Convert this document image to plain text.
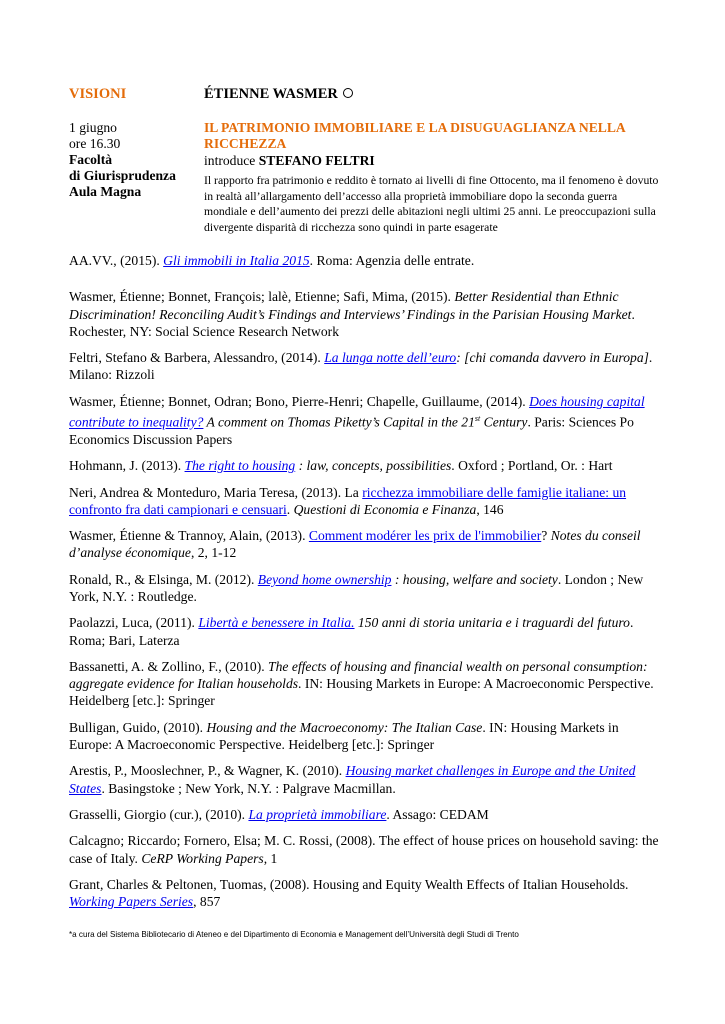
VISIONI	ÉTIENNE WASMER
1 giugno
ore 16.30
Facoltà
di Giurisprudenza
Aula Magna
IL PATRIMONIO IMMOBILIARE E LA DISUGUAGLIANZA NELLA RICCHEZZA
introduce STEFANO FELTRI
Il rapporto fra patrimonio e reddito è tornato ai livelli di fine Ottocento, ma il fenomeno è dovuto in realtà all’allargamento dell’accesso alla proprietà immobiliare dopo la seconda guerra mondiale e dell’aumento dei prezzi delle abitazioni negli ultimi 25 anni. Le preoccupazioni sulla divergente disparità di ricchezza sono quindi in parte esagerate

AA.VV., (2015). Gli immobili in Italia 2015. Roma: Agenzia delle entrate.

Wasmer, Étienne; Bonnet, François; lalè, Etienne; Safi, Mima, (2015). Better Residential than Ethnic Discrimination! Reconciling Audit’s Findings and Interviews’ Findings in the Parisian Housing Market. Rochester, NY: Social Science Research Network

Feltri, Stefano & Barbera, Alessandro, (2014). La lunga notte dell’euro: [chi comanda davvero in Europa]. Milano: Rizzoli

Wasmer, Étienne; Bonnet, Odran; Bono, Pierre-Henri; Chapelle, Guillaume, (2014). Does housing capital contribute to inequality? A comment on Thomas Piketty’s Capital in the 21st Century. Paris: Sciences Po Economics Discussion Papers

Hohmann, J. (2013). The right to housing : law, concepts, possibilities. Oxford ; Portland, Or. : Hart

Neri, Andrea & Monteduro, Maria Teresa, (2013). La ricchezza immobiliare delle famiglie italiane: un confronto fra dati campionari e censuari. Questioni di Economia e Finanza, 146

Wasmer, Étienne & Trannoy, Alain, (2013). Comment modérer les prix de l'immobilier? Notes du conseil d’analyse économique, 2, 1-12

Ronald, R., & Elsinga, M. (2012). Beyond home ownership : housing, welfare and society. London ; New York, N.Y. : Routledge.

Paolazzi, Luca, (2011). Libertà e benessere in Italia. 150 anni di storia unitaria e i traguardi del futuro. Roma; Bari, Laterza

Bassanetti, A. & Zollino, F., (2010). The effects of housing and financial wealth on personal consumption: aggregate evidence for Italian households. IN: Housing Markets in Europe: A Macroeconomic Perspective. Heidelberg [etc.]: Springer

Bulligan, Guido, (2010). Housing and the Macroeconomy: The Italian Case. IN: Housing Markets in Europe: A Macroeconomic Perspective. Heidelberg [etc.]: Springer

Arestis, P., Mooslechner, P., & Wagner, K. (2010). Housing market challenges in Europe and the United States. Basingstoke ; New York, N.Y. : Palgrave Macmillan.

Grasselli, Giorgio (cur.), (2010). La proprietà immobiliare. Assago: CEDAM

Calcagno; Riccardo; Fornero, Elsa; M. C. Rossi, (2008). The effect of house prices on household saving: the case of Italy. CeRP Working Papers, 1

Grant, Charles & Peltonen, Tuomas, (2008). Housing and Equity Wealth Effects of Italian Households. Working Papers Series, 857

*a cura del Sistema Bibliotecario di Ateneo e del Dipartimento di Economia e Management dell’Università degli Studi di Trento
